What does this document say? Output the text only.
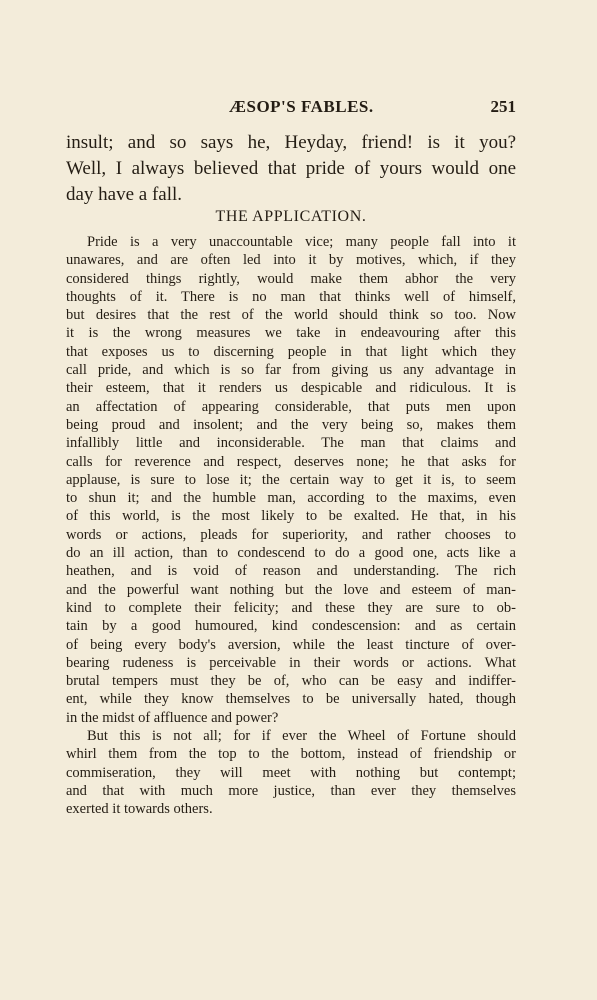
ÆSOP'S FABLES.	251
insult; and so says he, Heyday, friend! is it you?
Well, I always believed that pride of yours would one
day have a fall.
THE APPLICATION.
Pride is a very unaccountable vice; many people fall into it
unawares, and are often led into it by motives, which, if they
considered things rightly, would make them abhor the very
thoughts of it. There is no man that thinks well of himself,
but desires that the rest of the world should think so too. Now
it is the wrong measures we take in endeavouring after this
that exposes us to discerning people in that light which they
call pride, and which is so far from giving us any advantage in
their esteem, that it renders us despicable and ridiculous. It is
an affectation of appearing considerable, that puts men upon
being proud and insolent; and the very being so, makes them
infallibly little and inconsiderable. The man that claims and
calls for reverence and respect, deserves none; he that asks for
applause, is sure to lose it; the certain way to get it is, to seem
to shun it; and the humble man, according to the maxims, even
of this world, is the most likely to be exalted. He that, in his
words or actions, pleads for superiority, and rather chooses to
do an ill action, than to condescend to do a good one, acts like a
heathen, and is void of reason and understanding. The rich
and the powerful want nothing but the love and esteem of man-
kind to complete their felicity; and these they are sure to ob-
tain by a good humoured, kind condescension: and as certain
of being every body's aversion, while the least tincture of over-
bearing rudeness is perceivable in their words or actions. What
brutal tempers must they be of, who can be easy and indiffer-
ent, while they know themselves to be universally hated, though
in the midst of affluence and power?
But this is not all; for if ever the Wheel of Fortune should
whirl them from the top to the bottom, instead of friendship or
commiseration, they will meet with nothing but contempt;
and that with much more justice, than ever they themselves
exerted it towards others.
